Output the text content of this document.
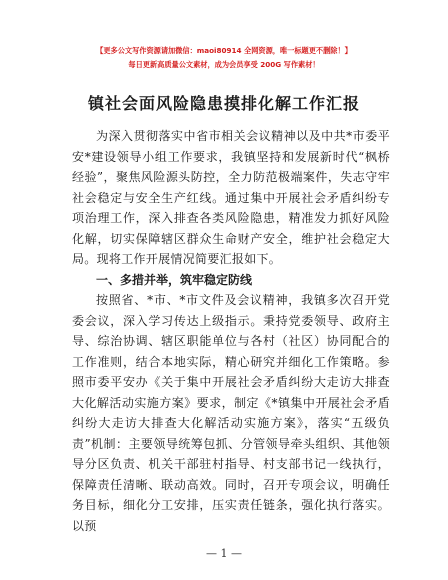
【更多公文写作资源请加微信：maoi80914 全网资源，唯一标题更不删除！】
每日更新高质量公文素材，成为会员享受 200G 写作素材！
镇社会面风险隐患摸排化解工作汇报

为深入贯彻落实中省市相关会议精神以及中共*市委平安*建设领导小组工作要求，我镇坚持和发展新时代“枫桥经验”，聚焦风险源头防控，全力防范极端案件，失志守牢社会稳定与安全生产红线。通过集中开展社会矛盾纠纷专项治理工作，深入排查各类风险隐患，精准发力抓好风险化解，切实保障辖区群众生命财产安全，维护社会稳定大局。现将工作开展情况简要汇报如下。

一、多措并举，筑牢稳定防线

按照省、*市、*市文件及会议精神，我镇多次召开党委会议，深入学习传达上级指示。秉持党委领导、政府主导、综治协调、辖区职能单位与各村（社区）协同配合的工作准则，结合本地实际，精心研究并细化工作策略。参照市委平安办《关于集中开展社会矛盾纠纷大走访大排查大化解活动实施方案》要求，制定《*镇集中开展社会矛盾纠纷大走访大排查大化解活动实施方案》，落实“五级负责”机制：主要领导统筹包抓、分管领导牵头组织、其他领导分区负责、机关干部驻村指导、村支部书记一线执行，保障责任清晰、联动高效。同时，召开专项会议，明确任务目标，细化分工安排，压实责任链条，强化执行落实。以预

— 1 —
